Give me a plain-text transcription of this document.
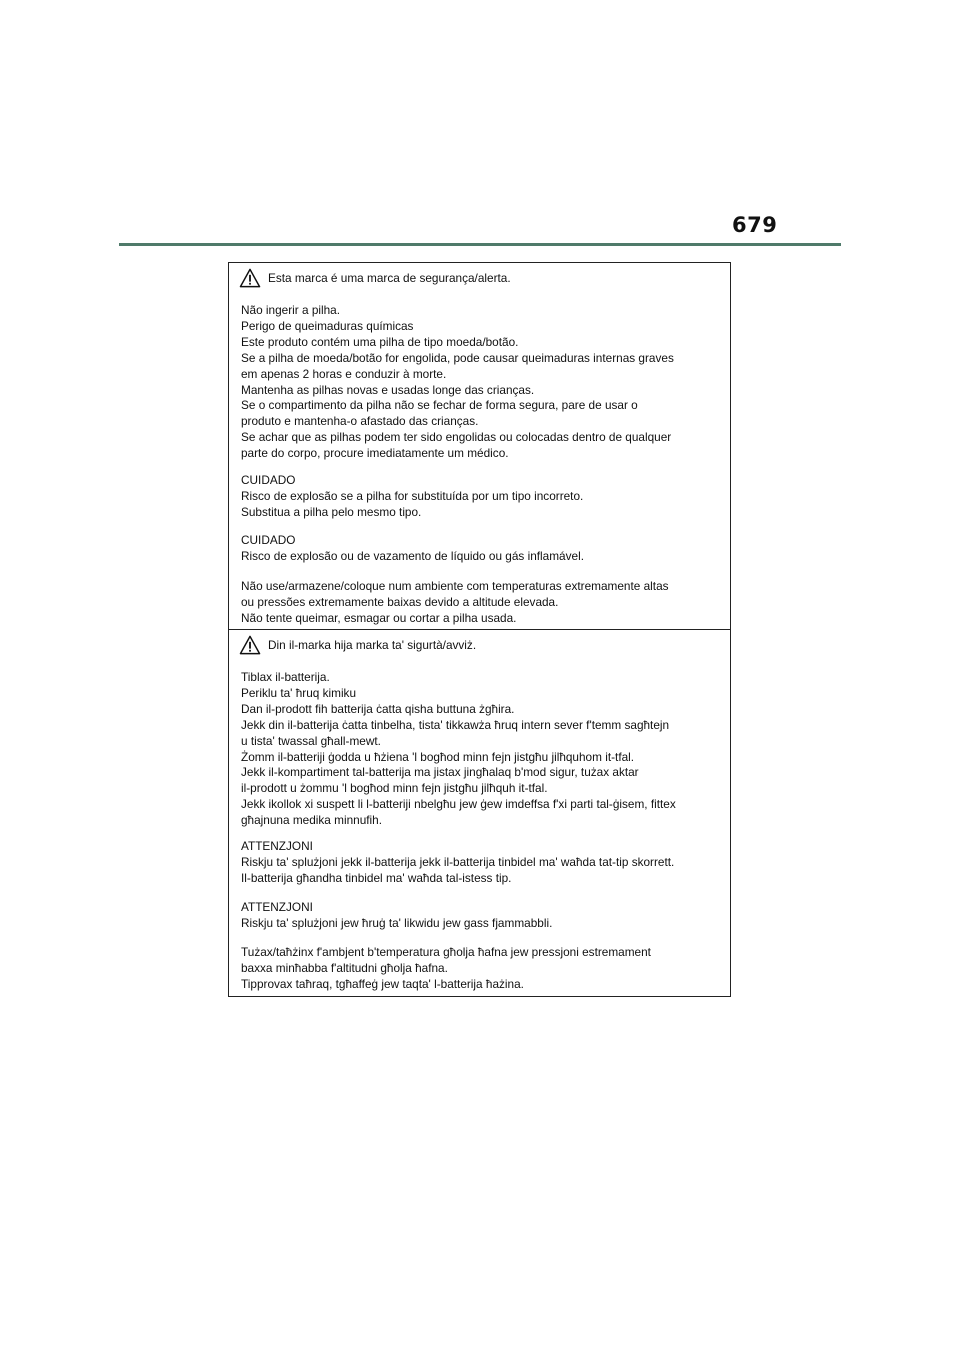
679
Esta marca é uma marca de segurança/alerta.
Não ingerir a pilha.
Perigo de queimaduras químicas
Este produto contém uma pilha de tipo moeda/botão.
Se a pilha de moeda/botão for engolida, pode causar queimaduras internas graves
em apenas 2 horas e conduzir à morte.
Mantenha as pilhas novas e usadas longe das crianças.
Se o compartimento da pilha não se fechar de forma segura, pare de usar o
produto e mantenha-o afastado das crianças.
Se achar que as pilhas podem ter sido engolidas ou colocadas dentro de qualquer
parte do corpo, procure imediatamente um médico.
CUIDADO
Risco de explosão se a pilha for substituída por um tipo incorreto.
Substitua a pilha pelo mesmo tipo.
CUIDADO
Risco de explosão ou de vazamento de líquido ou gás inflamável.
Não use/armazene/coloque num ambiente com temperaturas extremamente altas
ou pressões extremamente baixas devido a altitude elevada.
Não tente queimar, esmagar ou cortar a pilha usada.
Din il-marka hija marka ta' sigurtà/avviż.
Tiblax il-batterija.
Periklu ta' ħruq kimiku
Dan il-prodott fih batterija ċatta qisha buttuna żgħira.
Jekk din il-batterija ċatta tinbelha, tista' tikkawża ħruq intern sever f'temm sagħtejn
u tista' twassal għall-mewt.
Żomm il-batteriji ġodda u ħżiena 'l bogħod minn fejn jistgħu jilħquhom it-tfal.
Jekk il-kompartiment tal-batterija ma jistax jingħalaq b'mod sigur, tużax aktar
il-prodott u żommu 'l bogħod minn fejn jistgħu jilħquh it-tfal.
Jekk ikollok xi suspett li l-batteriji nbelgħu jew ġew imdeffsa f'xi parti tal-ġisem, fittex
għajnuna medika minnufih.
ATTENZJONI
Riskju ta' splużjoni jekk il-batterija jekk il-batterija tinbidel ma' waħda tat-tip skorrett.
Il-batterija għandha tinbidel ma' waħda tal-istess tip.
ATTENZJONI
Riskju ta' splużjoni jew ħruġ ta' likwidu jew gass fjammabbli.
Tużax/taħżinx f'ambjent b'temperatura għolja ħafna jew pressjoni estremament
baxxa minħabba f'altitudni għolja ħafna.
Tipprovax taħraq, tgħaffeġ jew taqta' l-batterija ħażina.
